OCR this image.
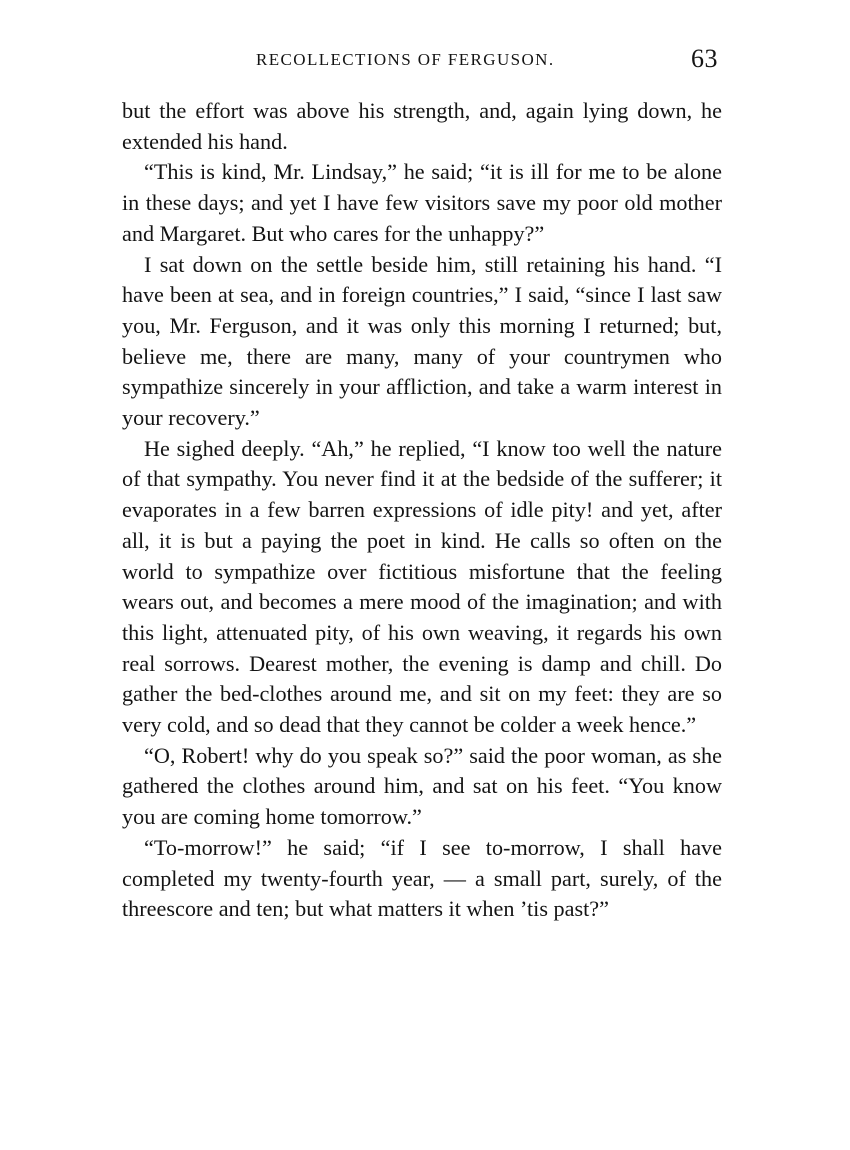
RECOLLECTIONS OF FERGUSON.	63

but the effort was above his strength, and, again lying down, he extended his hand.

“This is kind, Mr. Lindsay,” he said; “it is ill for me to be alone in these days; and yet I have few visitors save my poor old mother and Margaret. But who cares for the unhappy?”

I sat down on the settle beside him, still retaining his hand. “I have been at sea, and in foreign countries,” I said, “since I last saw you, Mr. Ferguson, and it was only this morning I returned; but, believe me, there are many, many of your countrymen who sympathize sincerely in your affliction, and take a warm interest in your recovery.”

He sighed deeply. “Ah,” he replied, “I know too well the nature of that sympathy. You never find it at the bedside of the sufferer; it evaporates in a few barren expressions of idle pity! and yet, after all, it is but a paying the poet in kind. He calls so often on the world to sympathize over fictitious misfortune that the feeling wears out, and becomes a mere mood of the imagination; and with this light, attenuated pity, of his own weaving, it regards his own real sorrows. Dearest mother, the evening is damp and chill. Do gather the bed-clothes around me, and sit on my feet: they are so very cold, and so dead that they cannot be colder a week hence.”

“O, Robert! why do you speak so?” said the poor woman, as she gathered the clothes around him, and sat on his feet. “You know you are coming home tomorrow.”

“To-morrow!” he said; “if I see to-morrow, I shall have completed my twenty-fourth year, — a small part, surely, of the threescore and ten; but what matters it when ’tis past?”
